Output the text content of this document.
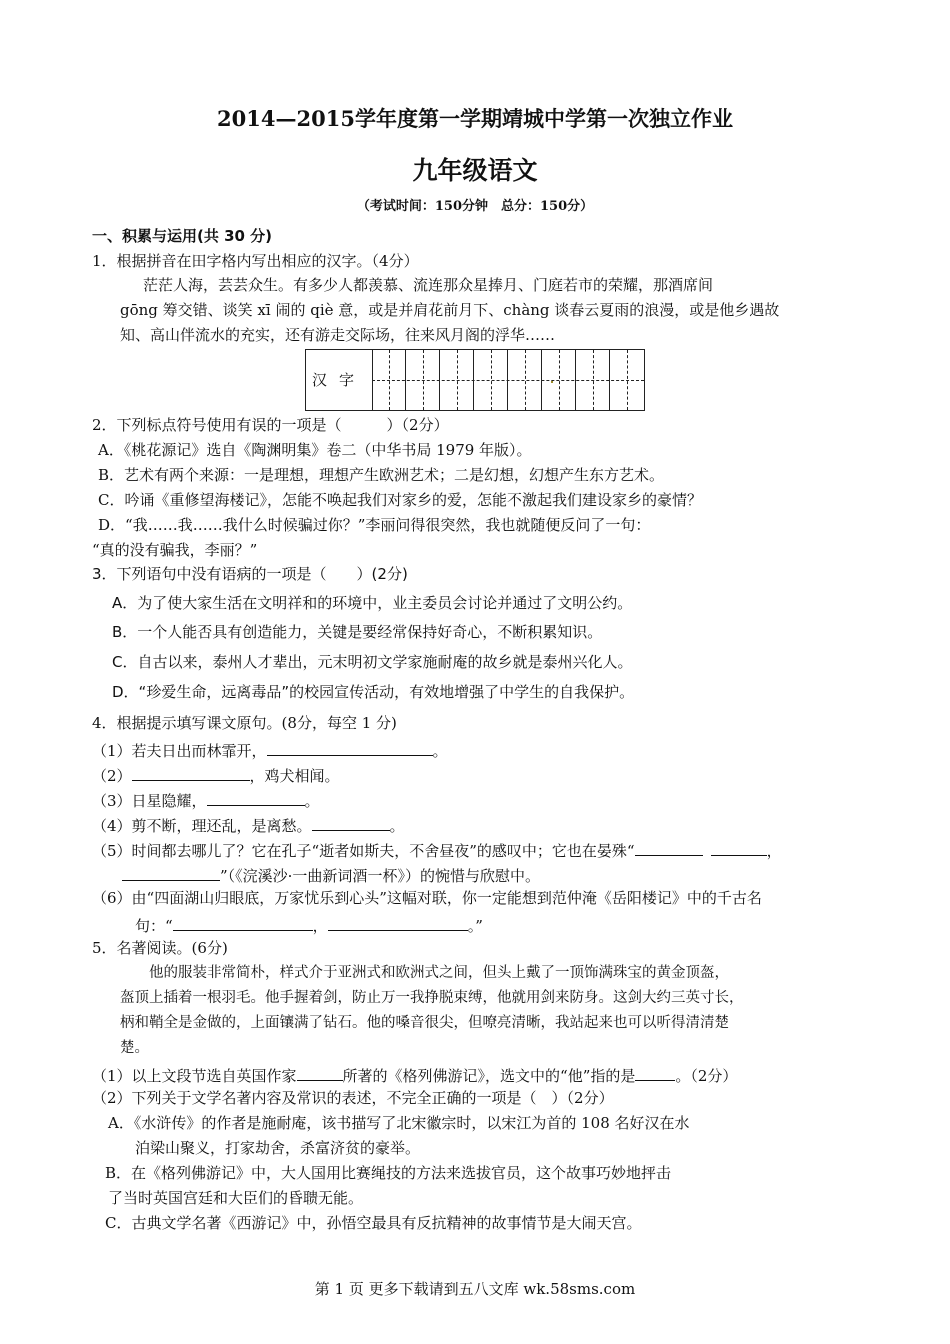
2014—2015学年度第一学期靖城中学第一次独立作业
九年级语文
（考试时间：150分钟　总分：150分）
一、积累与运用(共 30 分)
1．根据拼音在田字格内写出相应的汉字。（4分）
茫茫人海，芸芸众生。有多少人都羡慕、流连那众星捧月、门庭若市的荣耀，那酒席间
gōng 筹交错、谈笑 xī 闹的 qiè 意，或是并肩花前月下、chàng 谈春云夏雨的浪漫，或是他乡遇故
知、高山伴流水的充实，还有游走交际场，往来风月阁的浮华……
汉字
2．下列标点符号使用有误的一项是（　　　）（2分）
A．《桃花源记》选自《陶渊明集》卷二（中华书局 1979 年版）。
B．艺术有两个来源：一是理想，理想产生欧洲艺术；二是幻想，幻想产生东方艺术。
C．吟诵《重修望海楼记》，怎能不唤起我们对家乡的爱，怎能不激起我们建设家乡的豪情？
D．“我……我……我什么时候骗过你？”李丽问得很突然，我也就随便反问了一句：
“真的没有骗我，李丽？”
3．下列语句中没有语病的一项是（　　）(2分)
A．为了使大家生活在文明祥和的环境中，业主委员会讨论并通过了文明公约。
B．一个人能否具有创造能力，关键是要经常保持好奇心，不断积累知识。
C．自古以来，泰州人才辈出，元末明初文学家施耐庵的故乡就是泰州兴化人。
D．“珍爱生命，远离毒品”的校园宣传活动，有效地增强了中学生的自我保护。
4．根据提示填写课文原句。(8分，每空 1 分)
（1）若夫日出而林霏开，	。
（2）	，鸡犬相闻。
（3）日星隐耀，	。
（4）剪不断，理还乱，是离愁。	。
（5）时间都去哪儿了？它在孔子“逝者如斯夫，不舍昼夜”的感叹中；它也在晏殊“	，
”（《浣溪沙·一曲新词酒一杯》）的惋惜与欣慰中。
（6）由“四面湖山归眼底，万家忧乐到心头”这幅对联，你一定能想到范仲淹《岳阳楼记》中的千古名
句：“	，	。”
5．名著阅读。(6分)
他的服装非常简朴，样式介于亚洲式和欧洲式之间，但头上戴了一顶饰满珠宝的黄金顶盔，
盔顶上插着一根羽毛。他手握着剑，防止万一我挣脱束缚，他就用剑来防身。这剑大约三英寸长，
柄和鞘全是金做的，上面镶满了钻石。他的嗓音很尖，但嘹亮清晰，我站起来也可以听得清清楚
楚。
（1）以上文段节选自英国作家	所著的《格列佛游记》，选文中的“他”指的是	。（2分）
（2）下列关于文学名著内容及常识的表述，不完全正确的一项是（　）（2分）
A．《水浒传》的作者是施耐庵，该书描写了北宋徽宗时，以宋江为首的 108 名好汉在水
泊梁山聚义，打家劫舍，杀富济贫的豪举。
B．在《格列佛游记》中，大人国用比赛绳技的方法来选拔官员，这个故事巧妙地抨击
了当时英国宫廷和大臣们的昏聩无能。
C．古典文学名著《西游记》中，孙悟空最具有反抗精神的故事情节是大闹天宫。
第 1 页 更多下载请到五八文库 wk.58sms.com
